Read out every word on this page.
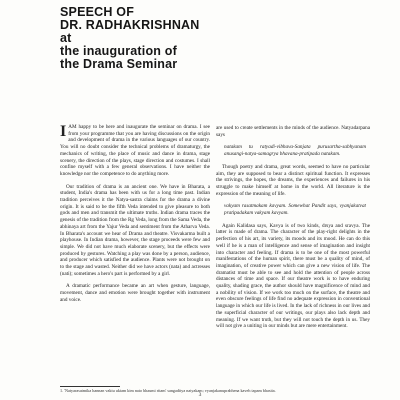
SPEECH OF
DR. RADHAKRISHNAN
at
the inauguration of
the Drama Seminar

IAM happy to be here and inaugurate the seminar on drama. I see from your programme that you are having discussions on the origin and development of drama in the various languages of our country. You will no doubt consider the technical problems of dramaturgy, the mechanics of writing, the place of music and dance in drama, stage scenery, the direction of the plays, stage direction and costumes. I shall confine myself with a few general observations. I have neither the knowledge nor the competence to do anything more.

Our tradition of drama is an ancient one. We have in Bharata, a student, India's drama has been with us for a long time past. Indian tradition perceives it the Natya-sastra claims for the drama a divine origin. It is said to be the fifth Veda intended to give pleasure to both gods and men and transmit the ultimate truths. Indian drama traces the genesis of the tradition from the Rg Veda, long from the Sama Veda, the abhinaya art from the Yajur Veda and sentiment from the Atharva Veda. In Bharata's account we hear of Drama and theatre. Visvakarma built a playhouse. In Indian drama, however, the stage proceeds were few and simple. We did not have much elaborate scenery, but the effects were produced by gestures. Watching a play was done by a person, audience, and producer which satisfied the audience. Plants were not brought on to the stage and wasted. Neither did we have actors (nata) and actresses (nati); sometimes a hero's part is performed by a girl.

A dramatic performance became an art when gesture, language, movement, dance and emotion were brought together with instrument and voice.

are used to create settlements in the minds of the audience. Natyadarpana says

natakam tu ratyadi-vibhava-Sanjata purusartha-sabhyanam anusangi-natya-samagrya bhavana-pratipada natakam.

Though poetry and drama, great words, seemed to have no particular aim, they are supposed to bear a distinct spiritual function. It expresses the strivings, the hopes, the dreams, the experiences and failures in his struggle to make himself at home in the world. All literature is the expression of the meaning of life.

vakyam rasatmakam kavyam. Somewhat Pandit says, vyanjakatvat pratipadakam vakyam kavyam.

Again Kalidasa says, Kavya is of two kinds, drsya and sravya. The latter is made of drama. The character of the play-right delights in the perfection of his art, its variety, its moods and its mood. He can do this well if he is a man of intelligence and sense of imagination and insight into character and feeling. If drama is to be one of the most powerful manifestations of the human spirit, there must be a quality of mind, of imagination, of creative power which can give a new vision of life. The dramatist must be able to see and hold the attention of people across distances of time and space. If our theatre work is to have enduring quality, shading grace, the author should have magnificence of mind and a nobility of vision. If we work too much on the surface, the theatre and even obscure feelings of life find no adequate expression in conventional language in which our life is lived. In the lack of richness in our lives and the superficial character of our writings, our plays also lack depth and meaning. If we want truth, but they will not touch the depth in us. They will not give a uniting in our minds but are mere entertainment.

1. 'Natyarasatmika hannan vaktu uktam kim nato bhaumi ritam' sangaditya natyakam; vyanjakanuprabhena kaveh tapam bhasita.

3
